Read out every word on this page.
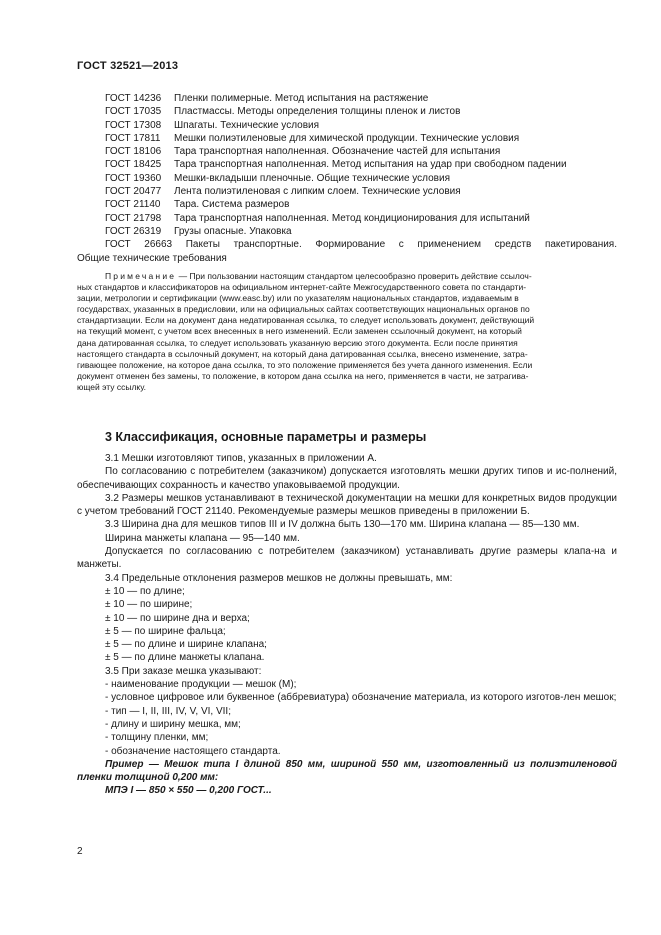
ГОСТ 32521—2013
ГОСТ 14236 Пленки полимерные. Метод испытания на растяжение
ГОСТ 17035 Пластмассы. Методы определения толщины пленок и листов
ГОСТ 17308 Шпагаты. Технические условия
ГОСТ 17811 Мешки полиэтиленовые для химической продукции. Технические условия
ГОСТ 18106 Тара транспортная наполненная. Обозначение частей для испытания
ГОСТ 18425 Тара транспортная наполненная. Метод испытания на удар при свободном падении
ГОСТ 19360 Мешки-вкладыши пленочные. Общие технические условия
ГОСТ 20477 Лента полиэтиленовая с липким слоем. Технические условия
ГОСТ 21140 Тара. Система размеров
ГОСТ 21798 Тара транспортная наполненная. Метод кондиционирования для испытаний
ГОСТ 26319 Грузы опасные. Упаковка
ГОСТ 26663 Пакеты транспортные. Формирование с применением средств пакетирования.
Общие технические требования
Примечание — При пользовании настоящим стандартом целесообразно проверить действие ссылоч-
ных стандартов и классификаторов на официальном интернет-сайте Межгосударственного совета по стандарти-
зации, метрологии и сертификации (www.easc.by) или по указателям национальных стандартов, издаваемым в
государствах, указанных в предисловии, или на официальных сайтах соответствующих национальных органов по
стандартизации. Если на документ дана недатированная ссылка, то следует использовать документ, действующий
на текущий момент, с учетом всех внесенных в него изменений. Если заменен ссылочный документ, на который
дана датированная ссылка, то следует использовать указанную версию этого документа. Если после принятия
настоящего стандарта в ссылочный документ, на который дана датированная ссылка, внесено изменение, затра-
гивающее положение, на которое дана ссылка, то это положение применяется без учета данного изменения. Если
документ отменен без замены, то положение, в котором дана ссылка на него, применяется в части, не затрагива-
ющей эту ссылку.
3 Классификация, основные параметры и размеры
3.1 Мешки изготовляют типов, указанных в приложении А.
По согласованию с потребителем (заказчиком) допускается изготовлять мешки других типов и ис-полнений, обеспечивающих сохранность и качество упаковываемой продукции.
3.2 Размеры мешков устанавливают в технической документации на мешки для конкретных видов продукции с учетом требований ГОСТ 21140. Рекомендуемые размеры мешков приведены в приложении Б.
3.3 Ширина дна для мешков типов III и IV должна быть 130—170 мм. Ширина клапана — 85—130 мм.
Ширина манжеты клапана — 95—140 мм.
Допускается по согласованию с потребителем (заказчиком) устанавливать другие размеры клапа-на и манжеты.
3.4 Предельные отклонения размеров мешков не должны превышать, мм:
± 10 — по длине;
± 10 — по ширине;
± 10 — по ширине дна и верха;
± 5 — по ширине фальца;
± 5 — по длине и ширине клапана;
± 5 — по длине манжеты клапана.
3.5 При заказе мешка указывают:
- наименование продукции — мешок (М);
- условное цифровое или буквенное (аббревиатура) обозначение материала, из которого изготов-лен мешок;
- тип — I, II, III, IV, V, VI, VII;
- длину и ширину мешка, мм;
- толщину пленки, мм;
- обозначение настоящего стандарта.
Пример — Мешок типа I длиной 850 мм, шириной 550 мм, изготовленный из полиэтиленовой пленки толщиной 0,200 мм:
МПЭ I — 850 × 550 — 0,200 ГОСТ...
2
